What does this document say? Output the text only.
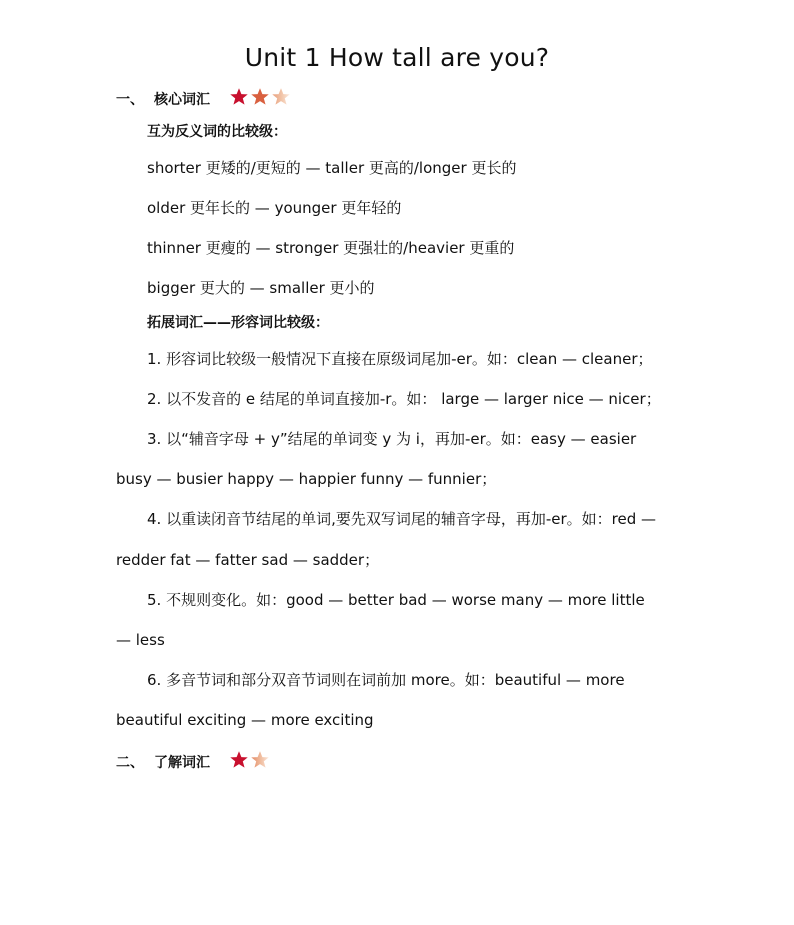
Unit 1 How tall are you?
一、 核心词汇
互为反义词的比较级：
shorter 更矮的/更短的 — taller 更高的/longer 更长的
older 更年长的 — younger 更年轻的
thinner 更瘦的 — stronger 更强壮的/heavier 更重的
bigger 更大的 — smaller 更小的
拓展词汇——形容词比较级：
1. 形容词比较级一般情况下直接在原级词尾加-er。如：clean — cleaner；
2. 以不发音的 e 结尾的单词直接加-r。如： large — larger nice — nicer；
3. 以“辅音字母 + y”结尾的单词变 y 为 i，再加-er。如：easy — easier
busy — busier happy — happier funny — funnier；
4. 以重读闭音节结尾的单词,要先双写词尾的辅音字母，再加-er。如：red —
redder fat — fatter sad — sadder；
5. 不规则变化。如：good — better bad — worse many — more little
— less
6. 多音节词和部分双音节词则在词前加 more。如：beautiful — more
beautiful exciting — more exciting
二、 了解词汇
